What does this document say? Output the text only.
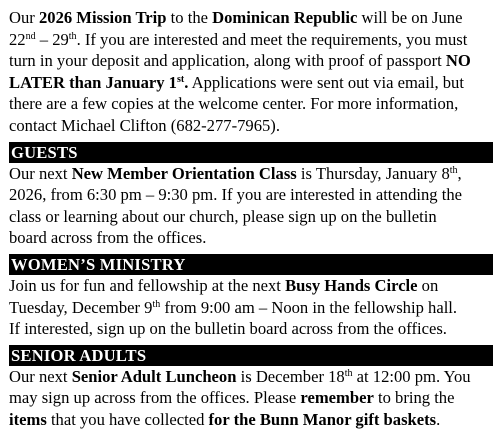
Our 2026 Mission Trip to the Dominican Republic will be on June
22nd – 29th. If you are interested and meet the requirements, you must
turn in your deposit and application, along with proof of passport NO
LATER than January 1st. Applications were sent out via email, but
there are a few copies at the welcome center. For more information,
contact Michael Clifton (682-277-7965).
GUESTS
Our next New Member Orientation Class is Thursday, January 8th,
2026, from 6:30 pm – 9:30 pm. If you are interested in attending the
class or learning about our church, please sign up on the bulletin
board across from the offices.
WOMEN’S MINISTRY
Join us for fun and fellowship at the next Busy Hands Circle on
Tuesday, December 9th from 9:00 am – Noon in the fellowship hall.
If interested, sign up on the bulletin board across from the offices.
SENIOR ADULTS
Our next Senior Adult Luncheon is December 18th at 12:00 pm. You
may sign up across from the offices. Please remember to bring the
items that you have collected for the Bunn Manor gift baskets.
